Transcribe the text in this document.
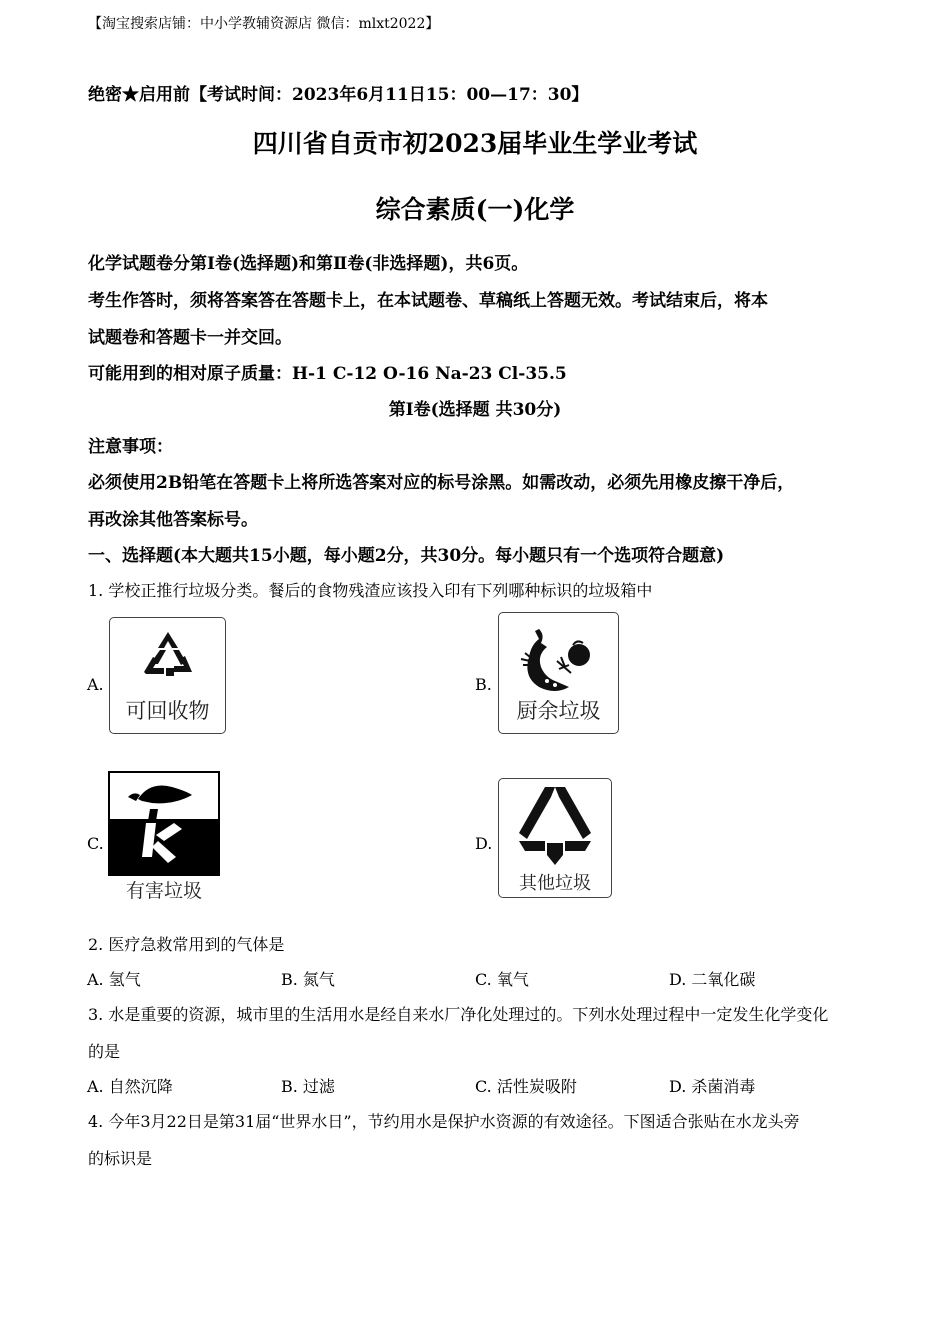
【淘宝搜索店铺：中小学教辅资源店 微信：mlxt2022】
绝密★启用前【考试时间：2023年6月11日15：00—17：30】
四川省自贡市初2023届毕业生学业考试
综合素质(一)化学
化学试题卷分第Ⅰ卷(选择题)和第Ⅱ卷(非选择题)，共6页。
考生作答时，须将答案答在答题卡上，在本试题卷、草稿纸上答题无效。考试结束后，将本
试题卷和答题卡一并交回。
可能用到的相对原子质量：H-1 C-12 O-16 Na-23 Cl-35.5
第Ⅰ卷(选择题 共30分)
注意事项：
必须使用2B铅笔在答题卡上将所选答案对应的标号涂黑。如需改动，必须先用橡皮擦干净后，
再改涂其他答案标号。
一、选择题(本大题共15小题，每小题2分，共30分。每小题只有一个选项符合题意)
1. 学校正推行垃圾分类。餐后的食物残渣应该投入印有下列哪种标识的垃圾箱中
A.
可回收物
B.
厨余垃圾
C.
有害垃圾
D.
其他垃圾
2. 医疗急救常用到的气体是
A. 氢气	B. 氮气	C. 氧气	D. 二氧化碳
3. 水是重要的资源，城市里的生活用水是经自来水厂净化处理过的。下列水处理过程中一定发生化学变化
的是
A. 自然沉降	B. 过滤	C. 活性炭吸附	D. 杀菌消毒
4. 今年3月22日是第31届“世界水日”，节约用水是保护水资源的有效途径。下图适合张贴在水龙头旁
的标识是
